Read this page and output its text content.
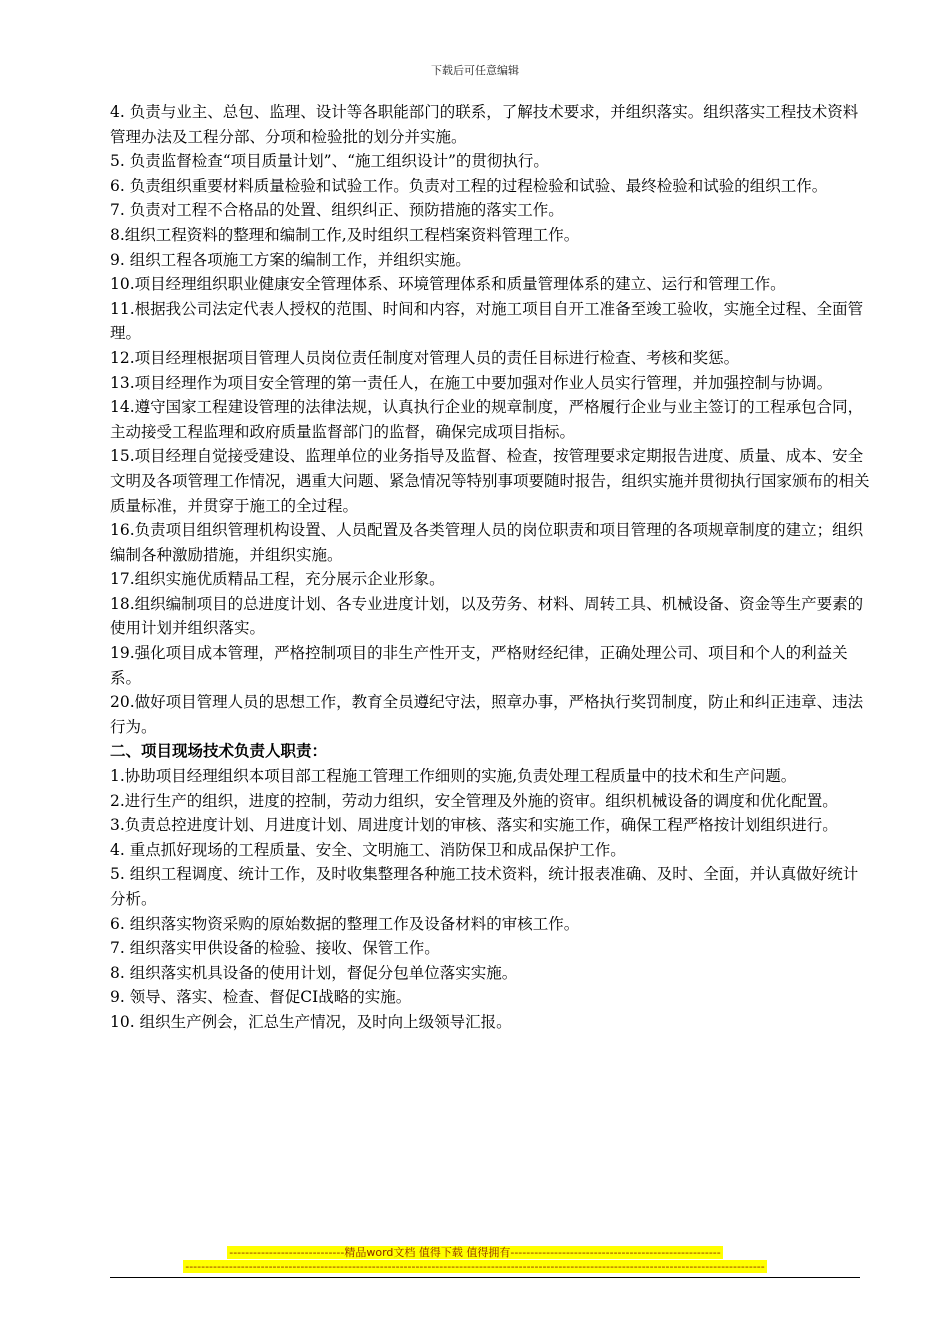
下载后可任意编辑

4. 负责与业主、总包、监理、设计等各职能部门的联系，了解技术要求，并组织落实。组织落实工程技术资料管理办法及工程分部、分项和检验批的划分并实施。

5. 负责监督检查“项目质量计划”、“施工组织设计”的贯彻执行。

6. 负责组织重要材料质量检验和试验工作。负责对工程的过程检验和试验、最终检验和试验的组织工作。

7. 负责对工程不合格品的处置、组织纠正、预防措施的落实工作。

8.组织工程资料的整理和编制工作,及时组织工程档案资料管理工作。

9. 组织工程各项施工方案的编制工作，并组织实施。

10.项目经理组织职业健康安全管理体系、环境管理体系和质量管理体系的建立、运行和管理工作。

11.根据我公司法定代表人授权的范围、时间和内容，对施工项目自开工准备至竣工验收，实施全过程、全面管理。

12.项目经理根据项目管理人员岗位责任制度对管理人员的责任目标进行检查、考核和奖惩。

13.项目经理作为项目安全管理的第一责任人，在施工中要加强对作业人员实行管理，并加强控制与协调。

14.遵守国家工程建设管理的法律法规，认真执行企业的规章制度，严格履行企业与业主签订的工程承包合同，主动接受工程监理和政府质量监督部门的监督，确保完成项目指标。

15.项目经理自觉接受建设、监理单位的业务指导及监督、检查，按管理要求定期报告进度、质量、成本、安全文明及各项管理工作情况，遇重大问题、紧急情况等特别事项要随时报告，组织实施并贯彻执行国家颁布的相关质量标准，并贯穿于施工的全过程。

16.负责项目组织管理机构设置、人员配置及各类管理人员的岗位职责和项目管理的各项规章制度的建立；组织编制各种激励措施，并组织实施。

17.组织实施优质精品工程，充分展示企业形象。

18.组织编制项目的总进度计划、各专业进度计划，以及劳务、材料、周转工具、机械设备、资金等生产要素的使用计划并组织落实。

19.强化项目成本管理，严格控制项目的非生产性开支，严格财经纪律，正确处理公司、项目和个人的利益关系。

20.做好项目管理人员的思想工作，教育全员遵纪守法，照章办事，严格执行奖罚制度，防止和纠正违章、违法行为。

二、项目现场技术负责人职责：

1.协助项目经理组织本项目部工程施工管理工作细则的实施,负责处理工程质量中的技术和生产问题。

2.进行生产的组织，进度的控制，劳动力组织，安全管理及外施的资审。组织机械设备的调度和优化配置。

3.负责总控进度计划、月进度计划、周进度计划的审核、落实和实施工作，确保工程严格按计划组织进行。

4. 重点抓好现场的工程质量、安全、文明施工、消防保卫和成品保护工作。

5. 组织工程调度、统计工作，及时收集整理各种施工技术资料，统计报表准确、及时、全面，并认真做好统计分析。

6. 组织落实物资采购的原始数据的整理工作及设备材料的审核工作。

7. 组织落实甲供设备的检验、接收、保管工作。

8. 组织落实机具设备的使用计划，督促分包单位落实实施。

9. 领导、落实、检查、督促CI战略的实施。

10. 组织生产例会，汇总生产情况，及时向上级领导汇报。

-----------------------------精品word文档 值得下载 值得拥有-----------------------------------------------------
--------------------------------------------------------------------------------------------------------------------------------------------------
